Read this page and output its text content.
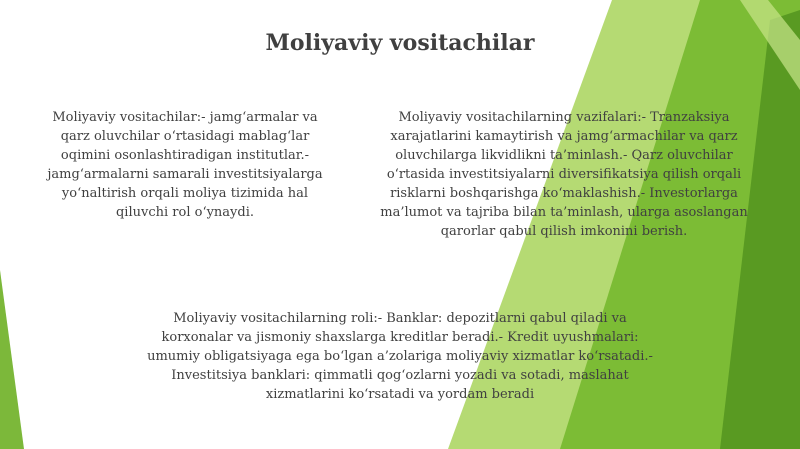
Moliyaviy vositachilar
Moliyaviy vositachilar:- jamg‘armalar va
qarz oluvchilar o‘rtasidagi mablag‘lar
oqimini osonlashtiradigan institutlar.-
jamg‘armalarni samarali investitsiyalarga
yo‘naltirish orqali moliya tizimida hal
qiluvchi rol o‘ynaydi.
Moliyaviy vositachilarning vazifalari:- Tranzaksiya
xarajatlarini kamaytirish va jamg‘armachilar va qarz
oluvchilarga likvidlikni ta’minlash.- Qarz oluvchilar
o‘rtasida investitsiyalarni diversifikatsiya qilish orqali
risklarni boshqarishga ko‘maklashish.- Investorlarga
ma’lumot va tajriba bilan ta’minlash, ularga asoslangan
qarorlar qabul qilish imkonini berish.
Moliyaviy vositachilarning roli:- Banklar: depozitlarni qabul qiladi va
korxonalar va jismoniy shaxslarga kreditlar beradi.- Kredit uyushmalari:
umumiy obligatsiyaga ega bo‘lgan a’zolariga moliyaviy xizmatlar ko‘rsatadi.-
Investitsiya banklari: qimmatli qog‘ozlarni yozadi va sotadi, maslahat
xizmatlarini ko‘rsatadi va yordam beradi
